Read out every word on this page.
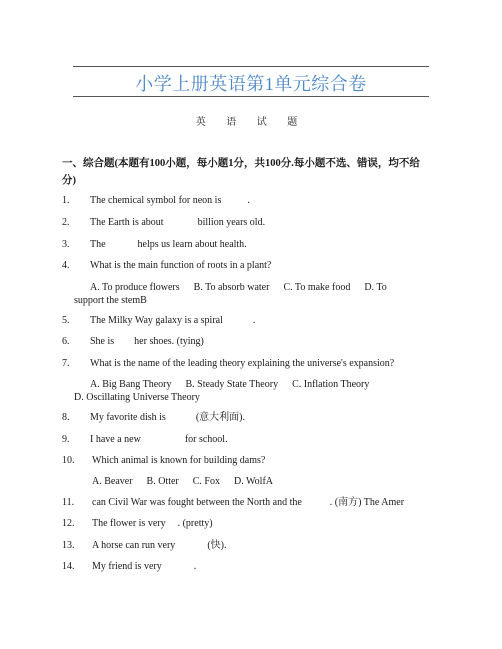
小学上册英语第1单元综合卷
英 语 试 题
一、综合题(本题有100小题，每小题1分，共100分.每小题不选、错误，均不给
分)
1. The chemical symbol for neon is	.
2. The Earth is about	billion years old.
3. The	helps us learn about health.
4. What is the main function of roots in a plant?
A. To produce flowers B. To absorb water C. To make food D. To
support the stemB
5. The Milky Way galaxy is a spiral	.
6. She is her shoes. (tying)
7. What is the name of the leading theory explaining the universe's expansion?
A. Big Bang Theory B. Steady State Theory C. Inflation Theory
D. Oscillating Universe Theory
8. My favorite dish is	(意大利面).
9. I have a new	for school.
10. Which animal is known for building dams?
A. Beaver B. Otter C. Fox D. WolfA
11. can Civil War was fought between the North and the	. (南方) The Amer
12. The flower is very . (pretty)
13. A horse can run very	(快).
14. My friend is very	.
